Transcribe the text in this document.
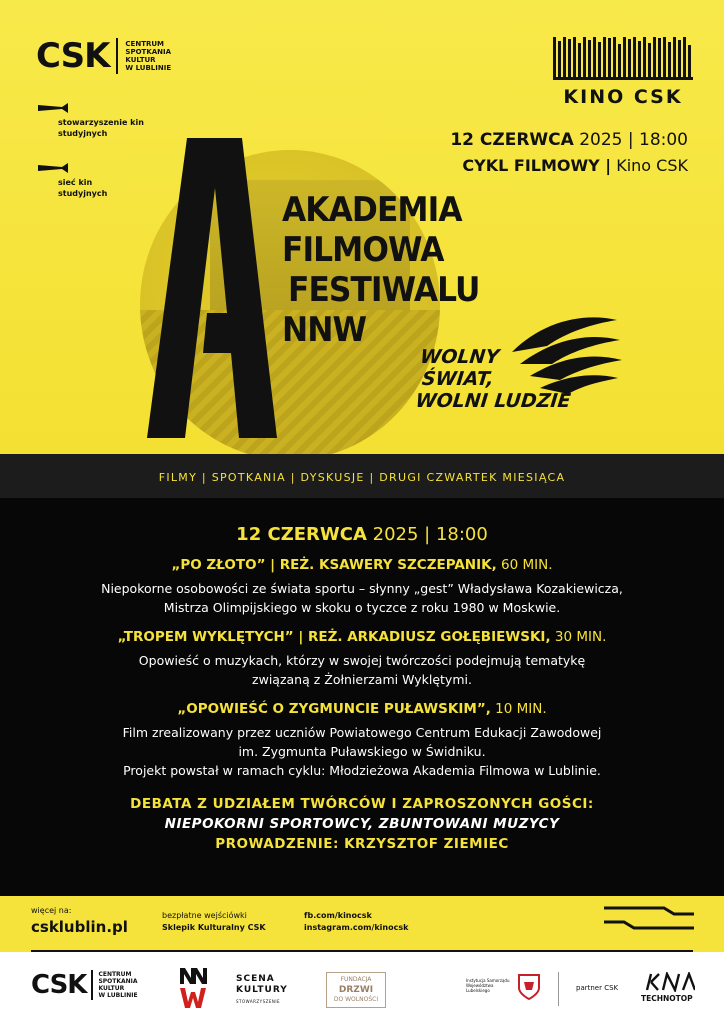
CSK CENTRUM
SPOTKANIA
KULTUR
W LUBLINIE
stowarzyszenie kin
studyjnych
sieć kin
studyjnych
KINO CSK
12 CZERWCA 2025 | 18:00
CYKL FILMOWY | Kino CSK
AKADEMIA
FILMOWA
FESTIWALU
NNW
WOLNY
ŚWIAT,
WOLNI LUDZIE
FILMY | SPOTKANIA | DYSKUSJE | DRUGI CZWARTEK MIESIĄCA
12 CZERWCA 2025 | 18:00
„PO ZŁOTO” | REŻ. KSAWERY SZCZEPANIK, 60 MIN.
Niepokorne osobowości ze świata sportu – słynny „gest” Władysława Kozakiewicza,
Mistrza Olimpijskiego w skoku o tyczce z roku 1980 w Moskwie.
„TROPEM WYKLĘTYCH” | REŻ. ARKADIUSZ GOŁĘBIEWSKI, 30 MIN.
Opowieść o muzykach, którzy w swojej twórczości podejmują tematykę
związaną z Żołnierzami Wyklętymi.
„OPOWIEŚĆ O ZYGMUNCIE PUŁAWSKIM”, 10 MIN.
Film zrealizowany przez uczniów Powiatowego Centrum Edukacji Zawodowej
im. Zygmunta Puławskiego w Świdniku.
Projekt powstał w ramach cyklu: Młodzieżowa Akademia Filmowa w Lublinie.
DEBATA Z UDZIAŁEM TWÓRCÓW I ZAPROSZONYCH GOŚCI:
NIEPOKORNI SPORTOWCY, ZBUNTOWANI MUZYCY
PROWADZENIE: KRZYSZTOF ZIEMIEC
więcej na:
csklublin.pl
bezpłatne wejściówki
Sklepik Kulturalny CSK
fb.com/kinocsk
instagram.com/kinocsk
CSK CENTRUM
SPOTKANIA
KULTUR
W LUBLINIE
SCENA
KULTURY
STOWARZYSZENIE
FUNDACJA
DRZWI
DO WOLNOŚCI
Instytucja Samorządu Województwa Lubelskiego	partner CSK
TECHNOTOP
